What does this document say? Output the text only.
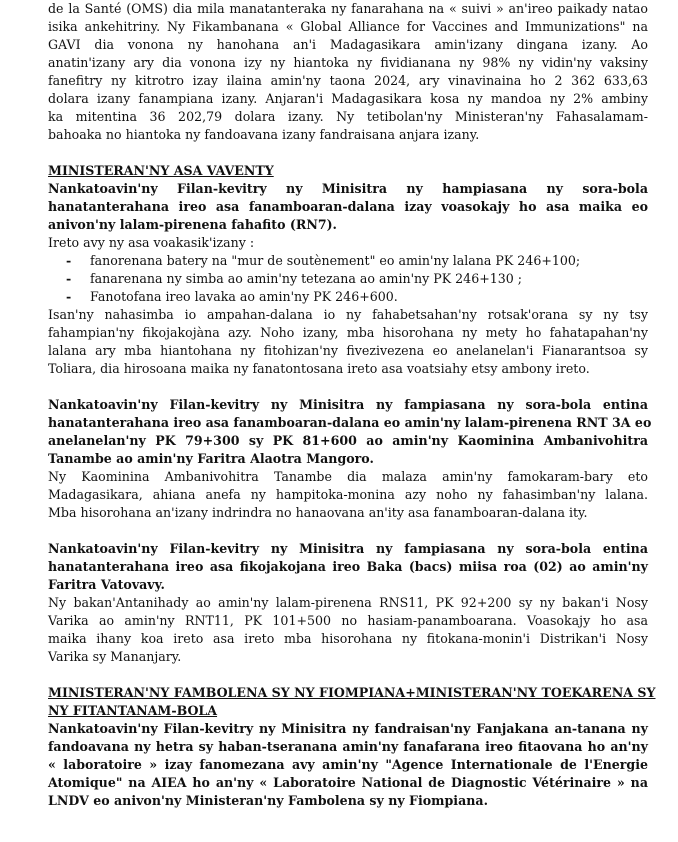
de la Santé (OMS) dia mila manatanteraka ny fanarahana na « suivi » an'ireo paikady natao
isika ankehitriny. Ny Fikambanana « Global Alliance for Vaccines and Immunizations" na
GAVI dia vonona ny hanohana an'i Madagasikara amin'izany dingana izany. Ao
anatin'izany ary dia vonona izy ny hiantoka ny fividianana ny 98% ny vidin'ny vaksiny
fanefitry ny kitrotro izay ilaina amin'ny taona 2024, ary vinavinaina ho 2 362 633,63
dolara izany fanampiana izany. Anjaran'i Madagasikara kosa ny mandoa ny 2% ambiny
ka mitentina 36 202,79 dolara izany. Ny tetibolan'ny Ministeran'ny Fahasalamam-
bahoaka no hiantoka ny fandoavana izany fandraisana anjara izany.
MINISTERAN'NY ASA VAVENTY
Nankatoavin'ny Filan-kevitry ny Minisitra ny hampiasana ny sora-bola
hanatanterahana ireo asa fanamboaran-dalana izay voasokajy ho asa maika eo
anivon'ny lalam-pirenena fahafito (RN7).
Ireto avy ny asa voakasik'izany :
- fanorenana batery na "mur de soutènement" eo amin'ny lalana PK 246+100;
- fanarenana ny simba ao amin'ny tetezana ao amin'ny PK 246+130 ;
- Fanotofana ireo lavaka ao amin'ny PK 246+600.
Isan'ny nahasimba io ampahan-dalana io ny fahabetsahan'ny rotsak'orana sy ny tsy
fahampian'ny fikojakojàna azy. Noho izany, mba hisorohana ny mety ho fahatapahan'ny
lalana ary mba hiantohana ny fitohizan'ny fivezivezena eo anelanelan'i Fianarantsoa sy
Toliara, dia hirosoana maika ny fanatontosana ireto asa voatsiahy etsy ambony ireto.
Nankatoavin'ny Filan-kevitry ny Minisitra ny fampiasana ny sora-bola entina
hanatanterahana ireo asa fanamboaran-dalana eo amin'ny lalam-pirenena RNT 3A eo
anelanelan'ny PK 79+300 sy PK 81+600 ao amin'ny Kaominina Ambanivohitra
Tanambe ao amin'ny Faritra Alaotra Mangoro.
Ny Kaominina Ambanivohitra Tanambe dia malaza amin'ny famokaram-bary eto
Madagasikara, ahiana anefa ny hampitoka-monina azy noho ny fahasimban'ny lalana.
Mba hisorohana an'izany indrindra no hanaovana an'ity asa fanamboaran-dalana ity.
Nankatoavin'ny Filan-kevitry ny Minisitra ny fampiasana ny sora-bola entina
hanatanterahana ireo asa fikojakojana ireo Baka (bacs) miisa roa (02) ao amin'ny
Faritra Vatovavy.
Ny bakan'Antanihady ao amin'ny lalam-pirenena RNS11, PK 92+200 sy ny bakan'i Nosy
Varika ao amin'ny RNT11, PK 101+500 no hasiam-panamboarana. Voasokajy ho asa
maika ihany koa ireto asa ireto mba hisorohana ny fitokana-monin'i Distrikan'i Nosy
Varika sy Mananjary.
MINISTERAN'NY FAMBOLENA SY NY FIOMPIANA+MINISTERAN'NY TOEKARENA SY
NY FITANTANAM-BOLA
Nankatoavin'ny Filan-kevitry ny Minisitra ny fandraisan'ny Fanjakana an-tanana ny
fandoavana ny hetra sy haban-tseranana amin'ny fanafarana ireo fitaovana ho an'ny
« laboratoire » izay fanomezana avy amin'ny "Agence Internationale de l'Energie
Atomique" na AIEA ho an'ny « Laboratoire National de Diagnostic Vétérinaire » na
LNDV eo anivon'ny Ministeran'ny Fambolena sy ny Fiompiana.
